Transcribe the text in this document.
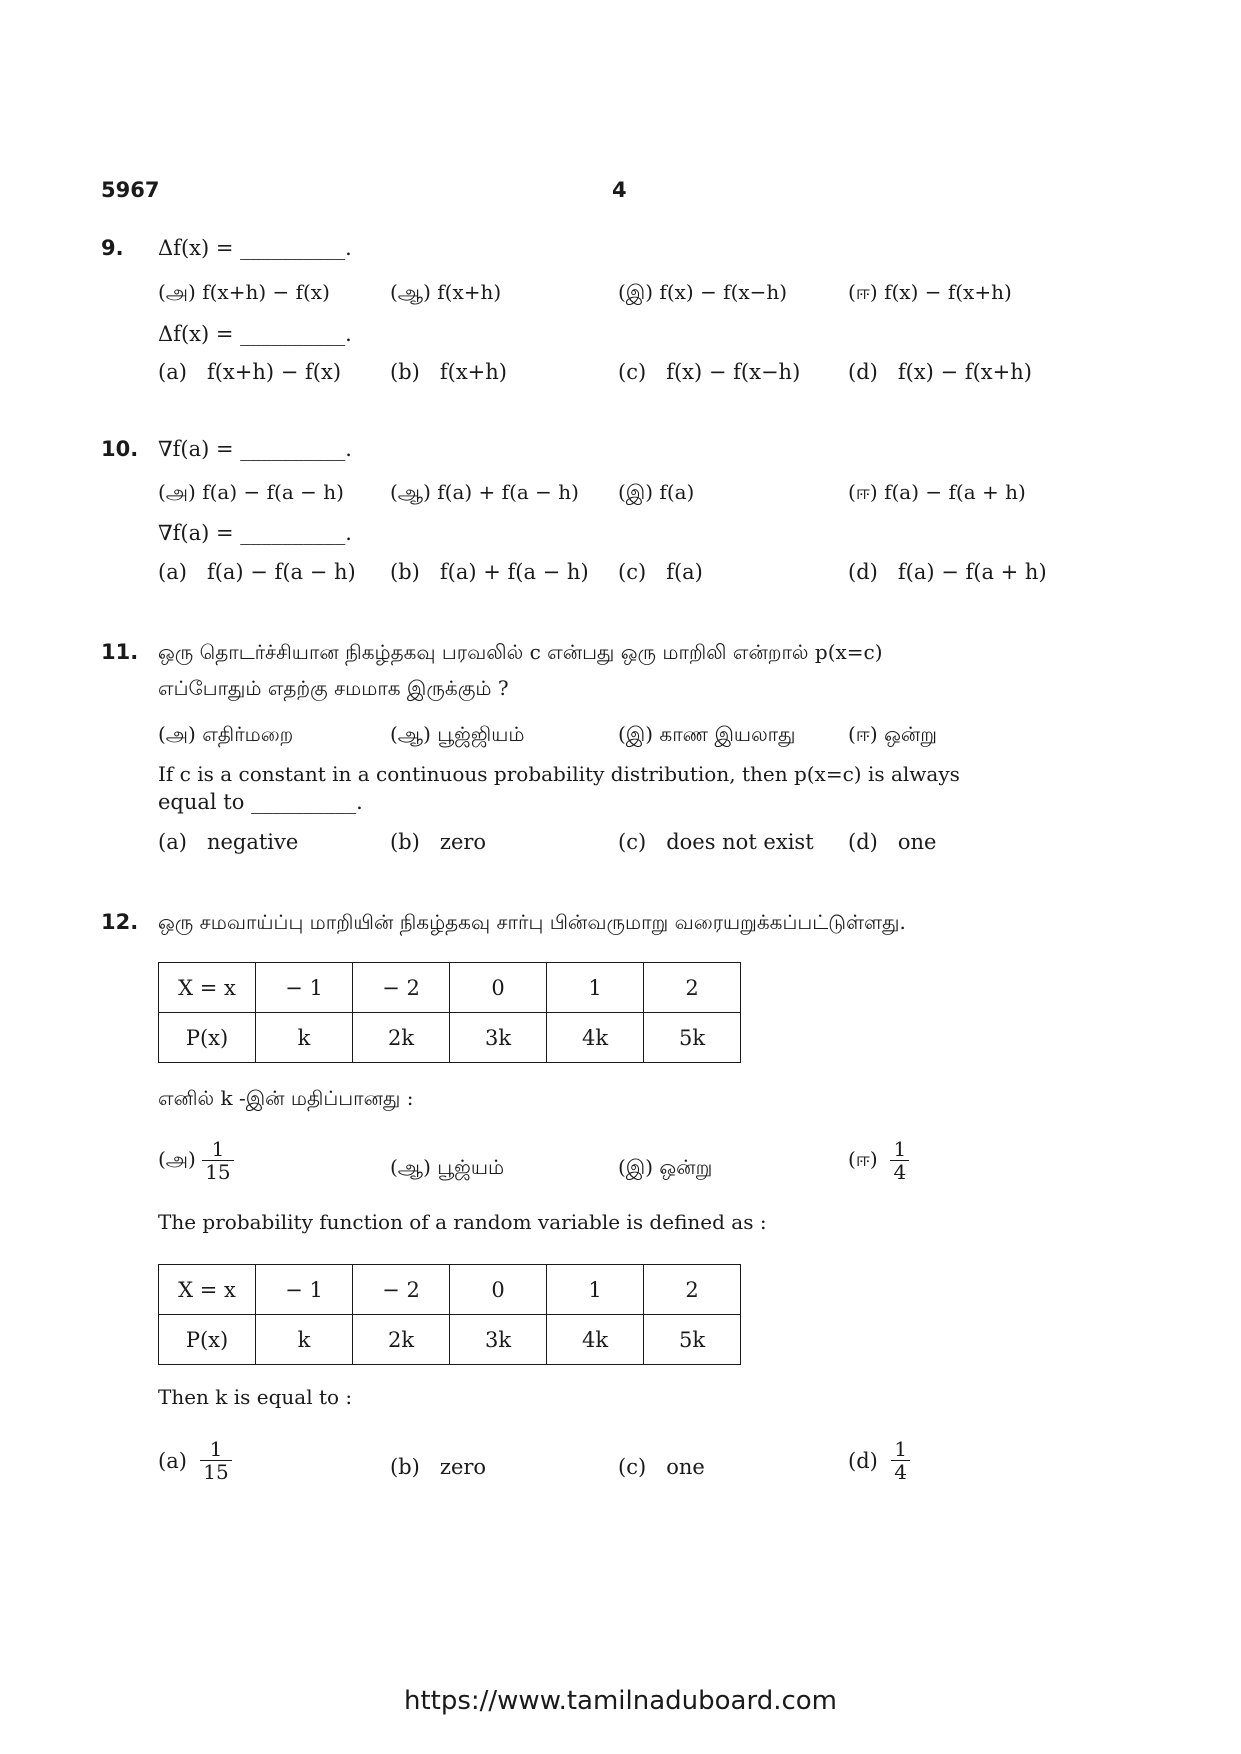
5967	4
9. Δf(x) = __________.
(அ) f(x+h) − f(x)	(ஆ) f(x+h)	(இ) f(x) − f(x−h)	(ஈ) f(x) − f(x+h)
Δf(x) = __________.
(a) f(x+h) − f(x) (b) f(x+h)	(c) f(x) − f(x−h) (d) f(x) − f(x+h)
10. ∇f(a) = __________.
(அ) f(a) − f(a − h) (ஆ) f(a) + f(a − h) (இ) f(a)	(ஈ) f(a) − f(a + h)
∇f(a) = __________.
(a) f(a) − f(a − h) (b) f(a) + f(a − h) (c) f(a)	(d) f(a) − f(a + h)
11. ஒரு தொடர்ச்சியான நிகழ்தகவு பரவலில் c என்பது ஒரு மாறிலி என்றால் p(x=c)
எப்போதும் எதற்கு சமமாக இருக்கும் ?
(அ) எதிர்மறை	(ஆ) பூஜ்ஜியம்	(இ) காண இயலாது	(ஈ) ஒன்று
If c is a constant in a continuous probability distribution, then p(x=c) is always
equal to __________.
(a) negative	(b) zero	(c) does not exist (d) one
12. ஒரு சமவாய்ப்பு மாறியின் நிகழ்தகவு சார்பு பின்வருமாறு வரையறுக்கப்பட்டுள்ளது.
X = x	− 1	− 2	0	1	2
P(x)	k	2k	3k	4k	5k
எனில் k -இன் மதிப்பானது :
(அ)
$\frac{1}{15}$	(ஆ) பூஜ்யம்	(இ) ஒன்று	(ஈ)
$\frac{1}{4}$
The probability function of a random variable is defined as :
X = x	− 1	− 2	0	1	2
P(x)	k	2k	3k	4k	5k
Then k is equal to :
(a)
$\frac{1}{15}$	(b) zero	(c) one	(d)
$\frac{1}{4}$
https://www.tamilnaduboard.com
